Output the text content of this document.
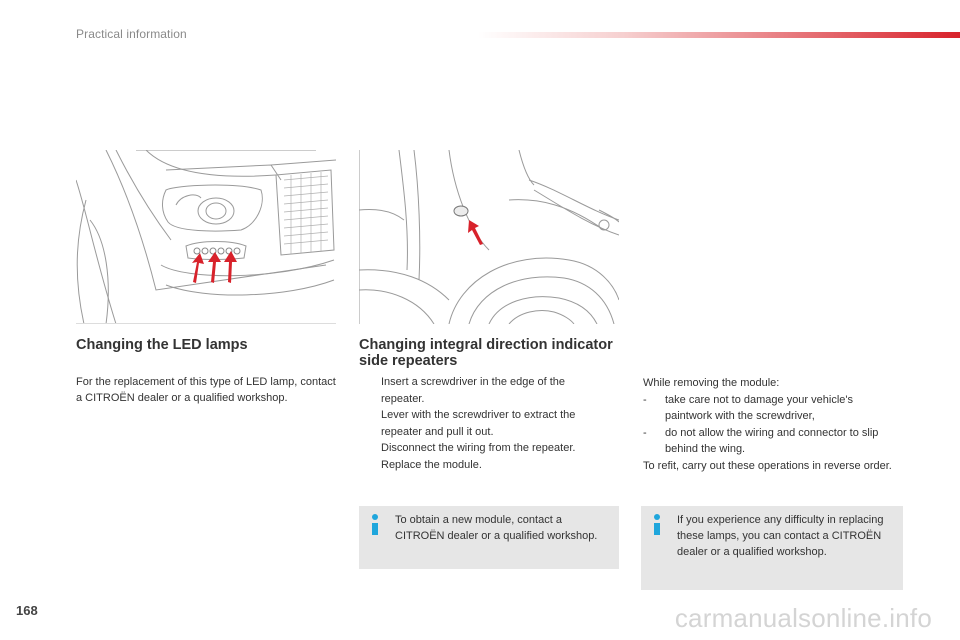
Practical information
Changing the LED lamps

For the replacement of this type of LED lamp, contact a CITROËN dealer or a qualified workshop.

Changing integral direction indicator side repeaters
Insert a screwdriver in the edge of the repeater.
Lever with the screwdriver to extract the repeater and pull it out.
Disconnect the wiring from the repeater.
Replace the module.
While removing the module:
- take care not to damage your vehicle's paintwork with the screwdriver,
- do not allow the wiring and connector to slip behind the wing.
To refit, carry out these operations in reverse order.
To obtain a new module, contact a CITROËN dealer or a qualified workshop.
If you experience any difficulty in replacing these lamps, you can contact a CITROËN dealer or a qualified workshop.
168	carmanualsonline.info
